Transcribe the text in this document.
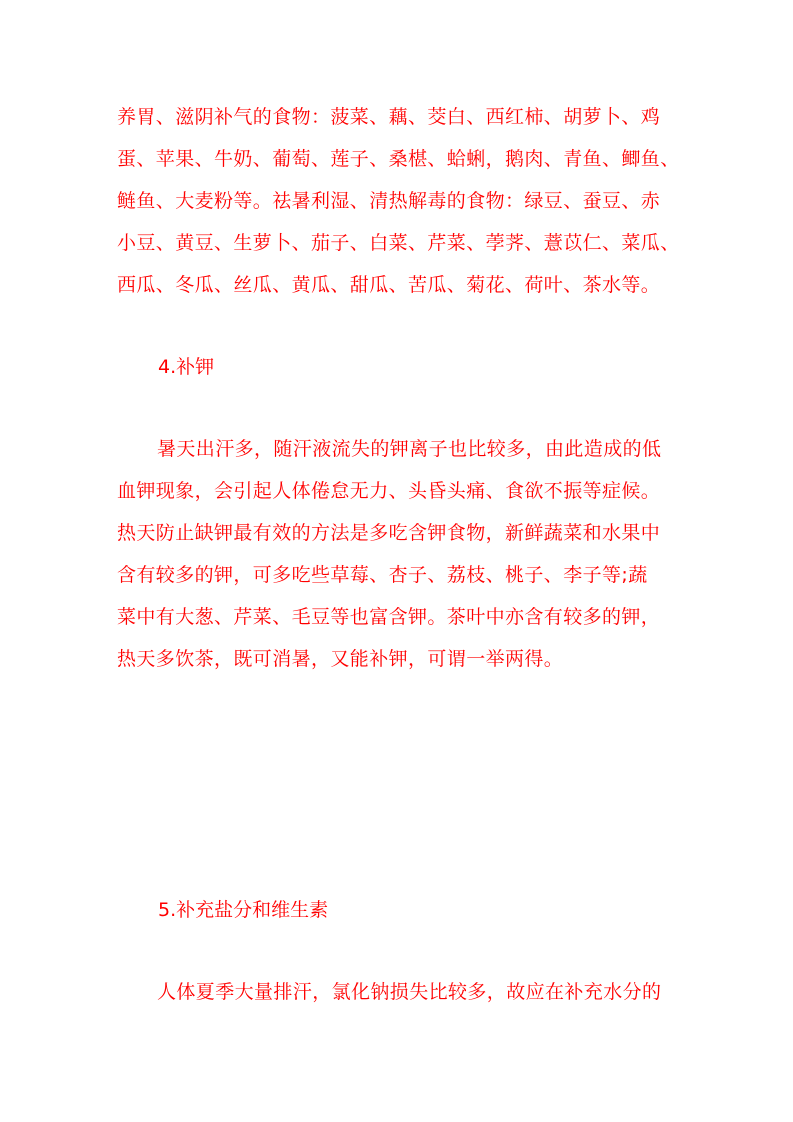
养胃、滋阴补气的食物：菠菜、藕、茭白、西红柿、胡萝卜、鸡
蛋、苹果、牛奶、葡萄、莲子、桑椹、蛤蜊，鹅肉、青鱼、鲫鱼、
鲢鱼、大麦粉等。祛暑利湿、清热解毒的食物：绿豆、蚕豆、赤
小豆、黄豆、生萝卜、茄子、白菜、芹菜、荸荠、薏苡仁、菜瓜、
西瓜、冬瓜、丝瓜、黄瓜、甜瓜、苦瓜、菊花、荷叶、茶水等。
4.补钾
暑天出汗多，随汗液流失的钾离子也比较多，由此造成的低
血钾现象，会引起人体倦怠无力、头昏头痛、食欲不振等症候。
热天防止缺钾最有效的方法是多吃含钾食物，新鲜蔬菜和水果中
含有较多的钾，可多吃些草莓、杏子、荔枝、桃子、李子等;蔬
菜中有大葱、芹菜、毛豆等也富含钾。茶叶中亦含有较多的钾，
热天多饮茶，既可消暑，又能补钾，可谓一举两得。
5.补充盐分和维生素
人体夏季大量排汗，氯化钠损失比较多，故应在补充水分的
